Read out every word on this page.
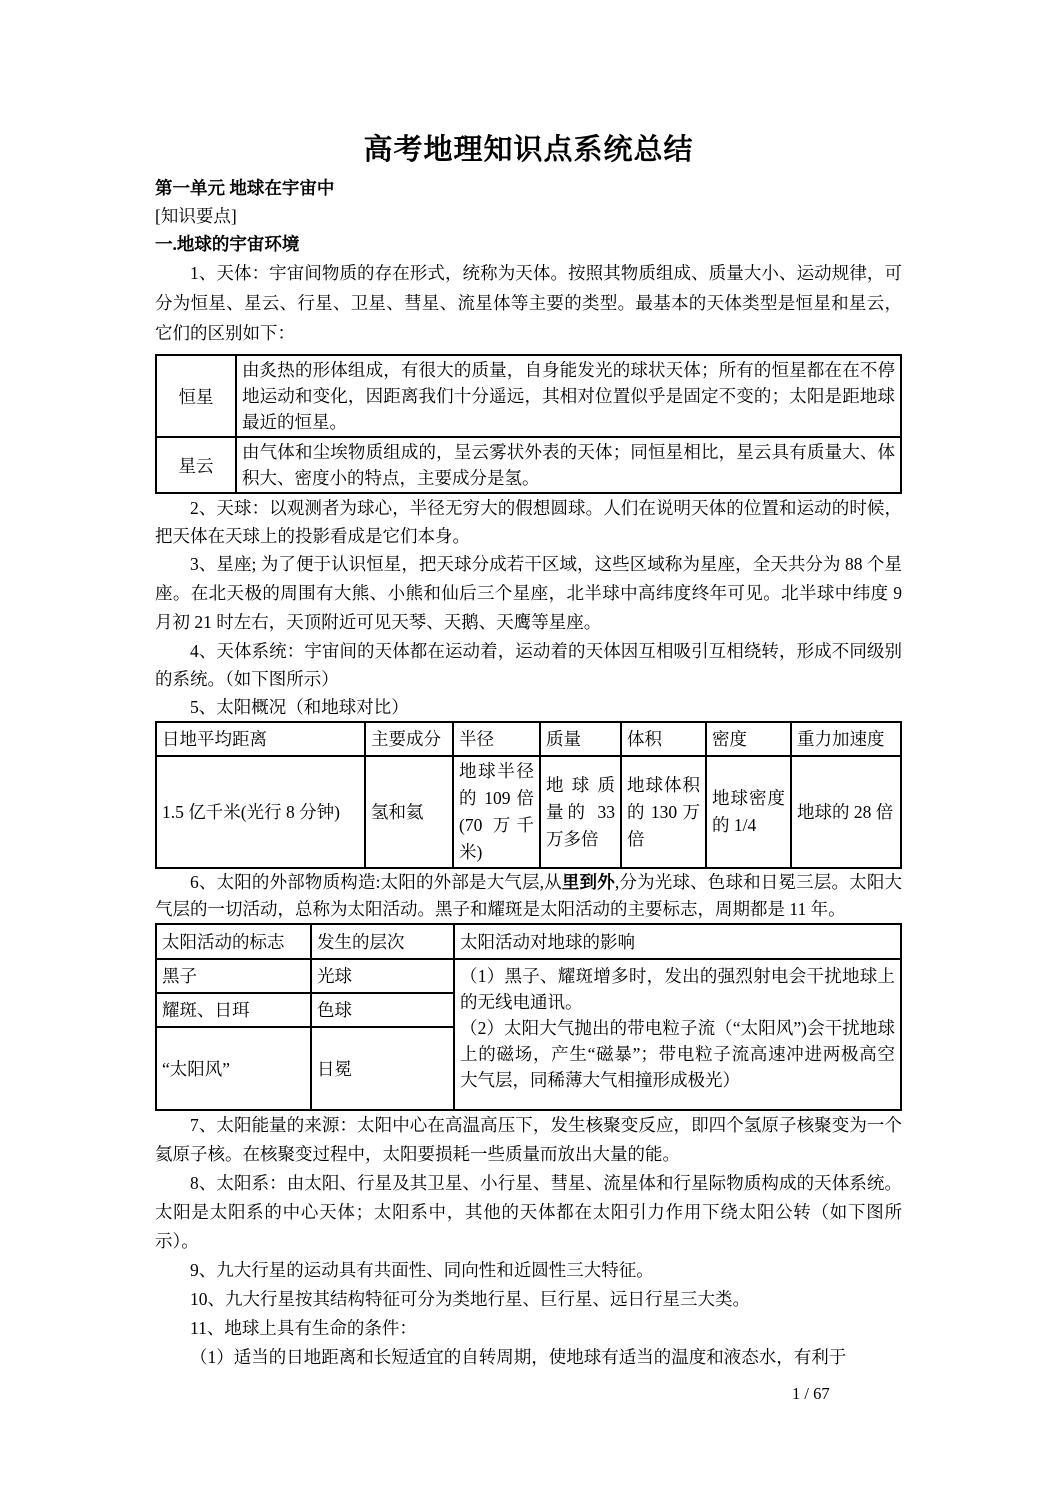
高考地理知识点系统总结
第一单元 地球在宇宙中
[知识要点]
一.地球的宇宙环境

1、天体：宇宙间物质的存在形式，统称为天体。按照其物质组成、质量大小、运动规律，可分为恒星、星云、行星、卫星、彗星、流星体等主要的类型。最基本的天体类型是恒星和星云，它们的区别如下：

恒星	由炙热的形体组成，有很大的质量，自身能发光的球状天体；所有的恒星都在在不停地运动和变化，因距离我们十分遥远，其相对位置似乎是固定不变的；太阳是距地球最近的恒星。
星云	由气体和尘埃物质组成的，呈云雾状外表的天体；同恒星相比，星云具有质量大、体积大、密度小的特点，主要成分是氢。

2、天球：以观测者为球心，半径无穷大的假想圆球。人们在说明天体的位置和运动的时候，把天体在天球上的投影看成是它们本身。

3、星座; 为了便于认识恒星，把天球分成若干区域，这些区域称为星座，全天共分为 88 个星座。在北天极的周围有大熊、小熊和仙后三个星座，北半球中高纬度终年可见。北半球中纬度 9 月初 21 时左右，天顶附近可见天琴、天鹅、天鹰等星座。

4、天体系统：宇宙间的天体都在运动着，运动着的天体因互相吸引互相绕转，形成不同级别的系统。（如下图所示）

5、太阳概况（和地球对比）

日地平均距离	主要成分	半径	质量	体积	密度	重力加速度
1.5 亿千米(光行 8 分钟)	氢和氦	地球半径的 109 倍(70 万千米)	地球质量的 33 万多倍	地球体积的 130 万倍	地球密度的 1/4	地球的 28 倍

6、太阳的外部物质构造:太阳的外部是大气层,从里到外,分为光球、色球和日冕三层。太阳大气层的一切活动，总称为太阳活动。黑子和耀斑是太阳活动的主要标志，周期都是 11 年。

太阳活动的标志	发生的层次	太阳活动对地球的影响
黑子	光球	（1）黑子、耀斑增多时，发出的强烈射电会干扰地球上的无线电通讯。

（2）太阳大气抛出的带电粒子流（“太阳风”)会干扰地球上的磁场，产生“磁暴”；带电粒子流高速冲进两极高空大气层，同稀薄大气相撞形成极光）

耀斑、日珥	色球	
“太阳风”	日冕	

7、太阳能量的来源：太阳中心在高温高压下，发生核聚变反应，即四个氢原子核聚变为一个氦原子核。在核聚变过程中，太阳要损耗一些质量而放出大量的能。

8、太阳系：由太阳、行星及其卫星、小行星、彗星、流星体和行星际物质构成的天体系统。太阳是太阳系的中心天体；太阳系中，其他的天体都在太阳引力作用下绕太阳公转（如下图所示）。

9、九大行星的运动具有共面性、同向性和近圆性三大特征。

10、九大行星按其结构特征可分为类地行星、巨行星、远日行星三大类。

11、地球上具有生命的条件：

（1）适当的日地距离和长短适宜的自转周期，使地球有适当的温度和液态水，有利于

1 / 67
